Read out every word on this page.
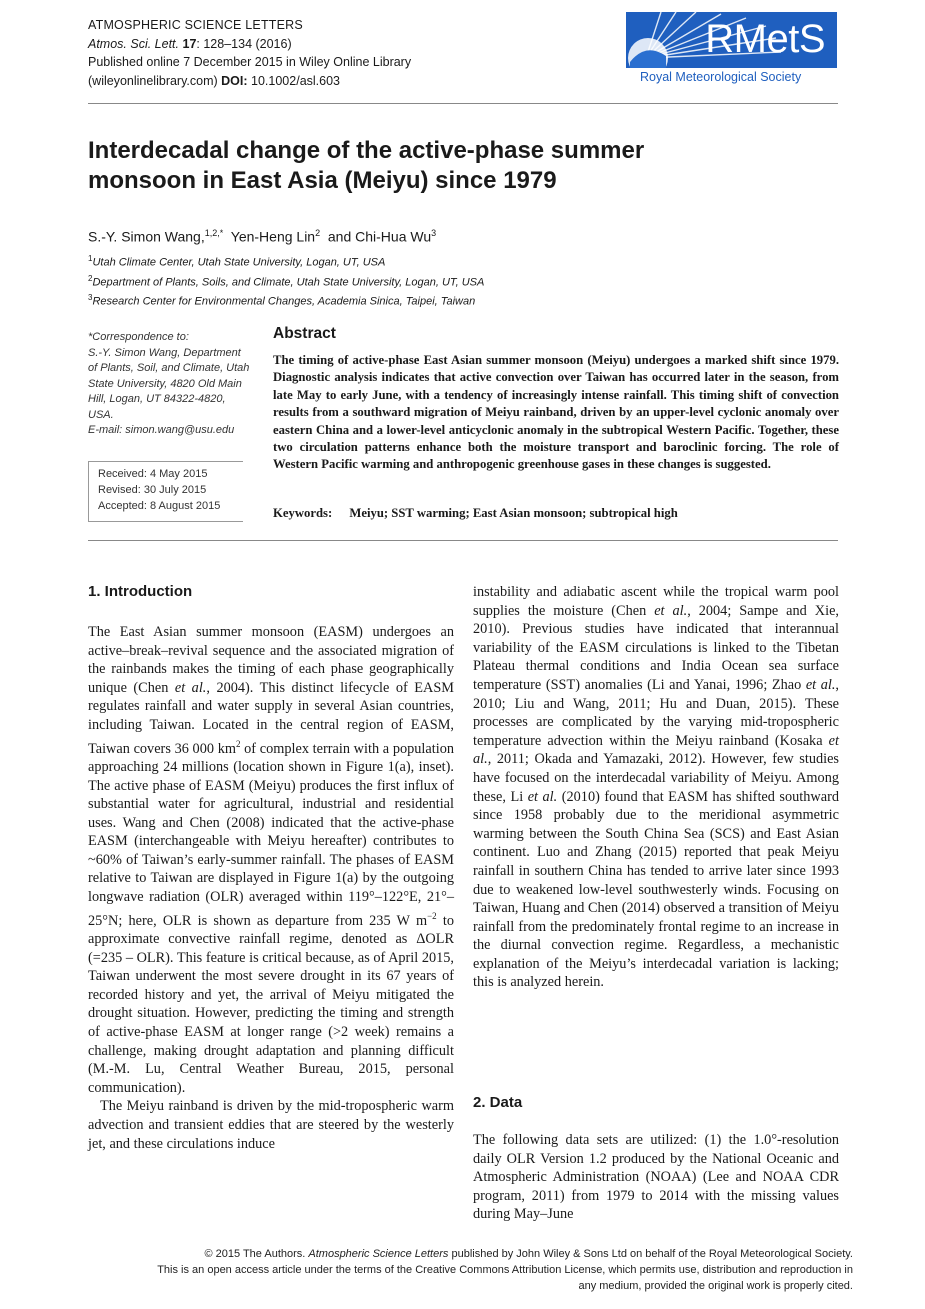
ATMOSPHERIC SCIENCE LETTERS
Atmos. Sci. Lett. 17: 128–134 (2016)
Published online 7 December 2015 in Wiley Online Library
(wileyonlinelibrary.com) DOI: 10.1002/asl.603
RMetS
Royal Meteorological Society
Interdecadal change of the active-phase summer
monsoon in East Asia (Meiyu) since 1979
S.-Y. Simon Wang,$^{1,2,*}$ Yen-Heng Lin$^2$ and Chi-Hua Wu$^3$
$^1$Utah Climate Center, Utah State University, Logan, UT, USA
$^2$Department of Plants, Soils, and Climate, Utah State University, Logan, UT, USA
$^3$Research Center for Environmental Changes, Academia Sinica, Taipei, Taiwan
*Correspondence to:
S.-Y. Simon Wang, Department
of Plants, Soil, and Climate, Utah
State University, 4820 Old Main
Hill, Logan, UT 84322-4820,
USA.
E-mail: simon.wang@usu.edu
Received: 4 May 2015
Revised: 30 July 2015
Accepted: 8 August 2015
Abstract
The timing of active-phase East Asian summer monsoon (Meiyu) undergoes a marked shift since 1979. Diagnostic analysis indicates that active convection over Taiwan has occurred later in the season, from late May to early June, with a tendency of increasingly intense rainfall. This timing shift of convection results from a southward migration of Meiyu rainband, driven by an upper-level cyclonic anomaly over eastern China and a lower-level anticyclonic anomaly in the subtropical Western Pacific. Together, these two circulation patterns enhance both the moisture transport and baroclinic forcing. The role of Western Pacific warming and anthropogenic greenhouse gases in these changes is suggested.
Keywords: Meiyu; SST warming; East Asian monsoon; subtropical high
1. Introduction

The East Asian summer monsoon (EASM) undergoes an active–break–revival sequence and the associated migration of the rainbands makes the timing of each phase geographically unique (Chen et al., 2004). This distinct lifecycle of EASM regulates rainfall and water supply in several Asian countries, including Taiwan. Located in the central region of EASM, Taiwan covers 36 000 $km^2$ of complex terrain with a population approaching 24 millions (location shown in Figure 1(a), inset). The active phase of EASM (Meiyu) produces the first influx of substantial water for agricultural, industrial and residential uses. Wang and Chen (2008) indicated that the active-phase EASM (interchangeable with Meiyu hereafter) contributes to ~60% of Taiwan’s early-summer rainfall. The phases of EASM relative to Taiwan are displayed in Figure 1(a) by the outgoing longwave radiation (OLR) averaged within 119°–122°E, 21°–25°N; here, OLR is shown as departure from 235 W $m^{-2}$ to approximate convective rainfall regime, denoted as ΔOLR (=235 – OLR). This feature is critical because, as of April 2015, Taiwan underwent the most severe drought in its 67 years of recorded history and yet, the arrival of Meiyu mitigated the drought situation. However, predicting the timing and strength of active-phase EASM at longer range (>2 week) remains a challenge, making drought adaptation and planning difficult (M.-M. Lu, Central Weather Bureau, 2015, personal communication).

The Meiyu rainband is driven by the mid-tropospheric warm advection and transient eddies that are steered by the westerly jet, and these circulations induce

instability and adiabatic ascent while the tropical warm pool supplies the moisture (Chen et al., 2004; Sampe and Xie, 2010). Previous studies have indicated that interannual variability of the EASM circulations is linked to the Tibetan Plateau thermal conditions and India Ocean sea surface temperature (SST) anomalies (Li and Yanai, 1996; Zhao et al., 2010; Liu and Wang, 2011; Hu and Duan, 2015). These processes are complicated by the varying mid-tropospheric temperature advection within the Meiyu rainband (Kosaka et al., 2011; Okada and Yamazaki, 2012). However, few studies have focused on the interdecadal variability of Meiyu. Among these, Li et al. (2010) found that EASM has shifted southward since 1958 probably due to the meridional asymmetric warming between the South China Sea (SCS) and East Asian continent. Luo and Zhang (2015) reported that peak Meiyu rainfall in southern China has tended to arrive later since 1993 due to weakened low-level southwesterly winds. Focusing on Taiwan, Huang and Chen (2014) observed a transition of Meiyu rainfall from the predominately frontal regime to an increase in the diurnal convection regime. Regardless, a mechanistic explanation of the Meiyu’s interdecadal variation is lacking; this is analyzed herein.

2. Data

The following data sets are utilized: (1) the 1.0°-resolution daily OLR Version 1.2 produced by the National Oceanic and Atmospheric Administration (NOAA) (Lee and NOAA CDR program, 2011) from 1979 to 2014 with the missing values during May–June

© 2015 The Authors. Atmospheric Science Letters published by John Wiley & Sons Ltd on behalf of the Royal Meteorological Society.
This is an open access article under the terms of the Creative Commons Attribution License, which permits use, distribution and reproduction in
any medium, provided the original work is properly cited.
